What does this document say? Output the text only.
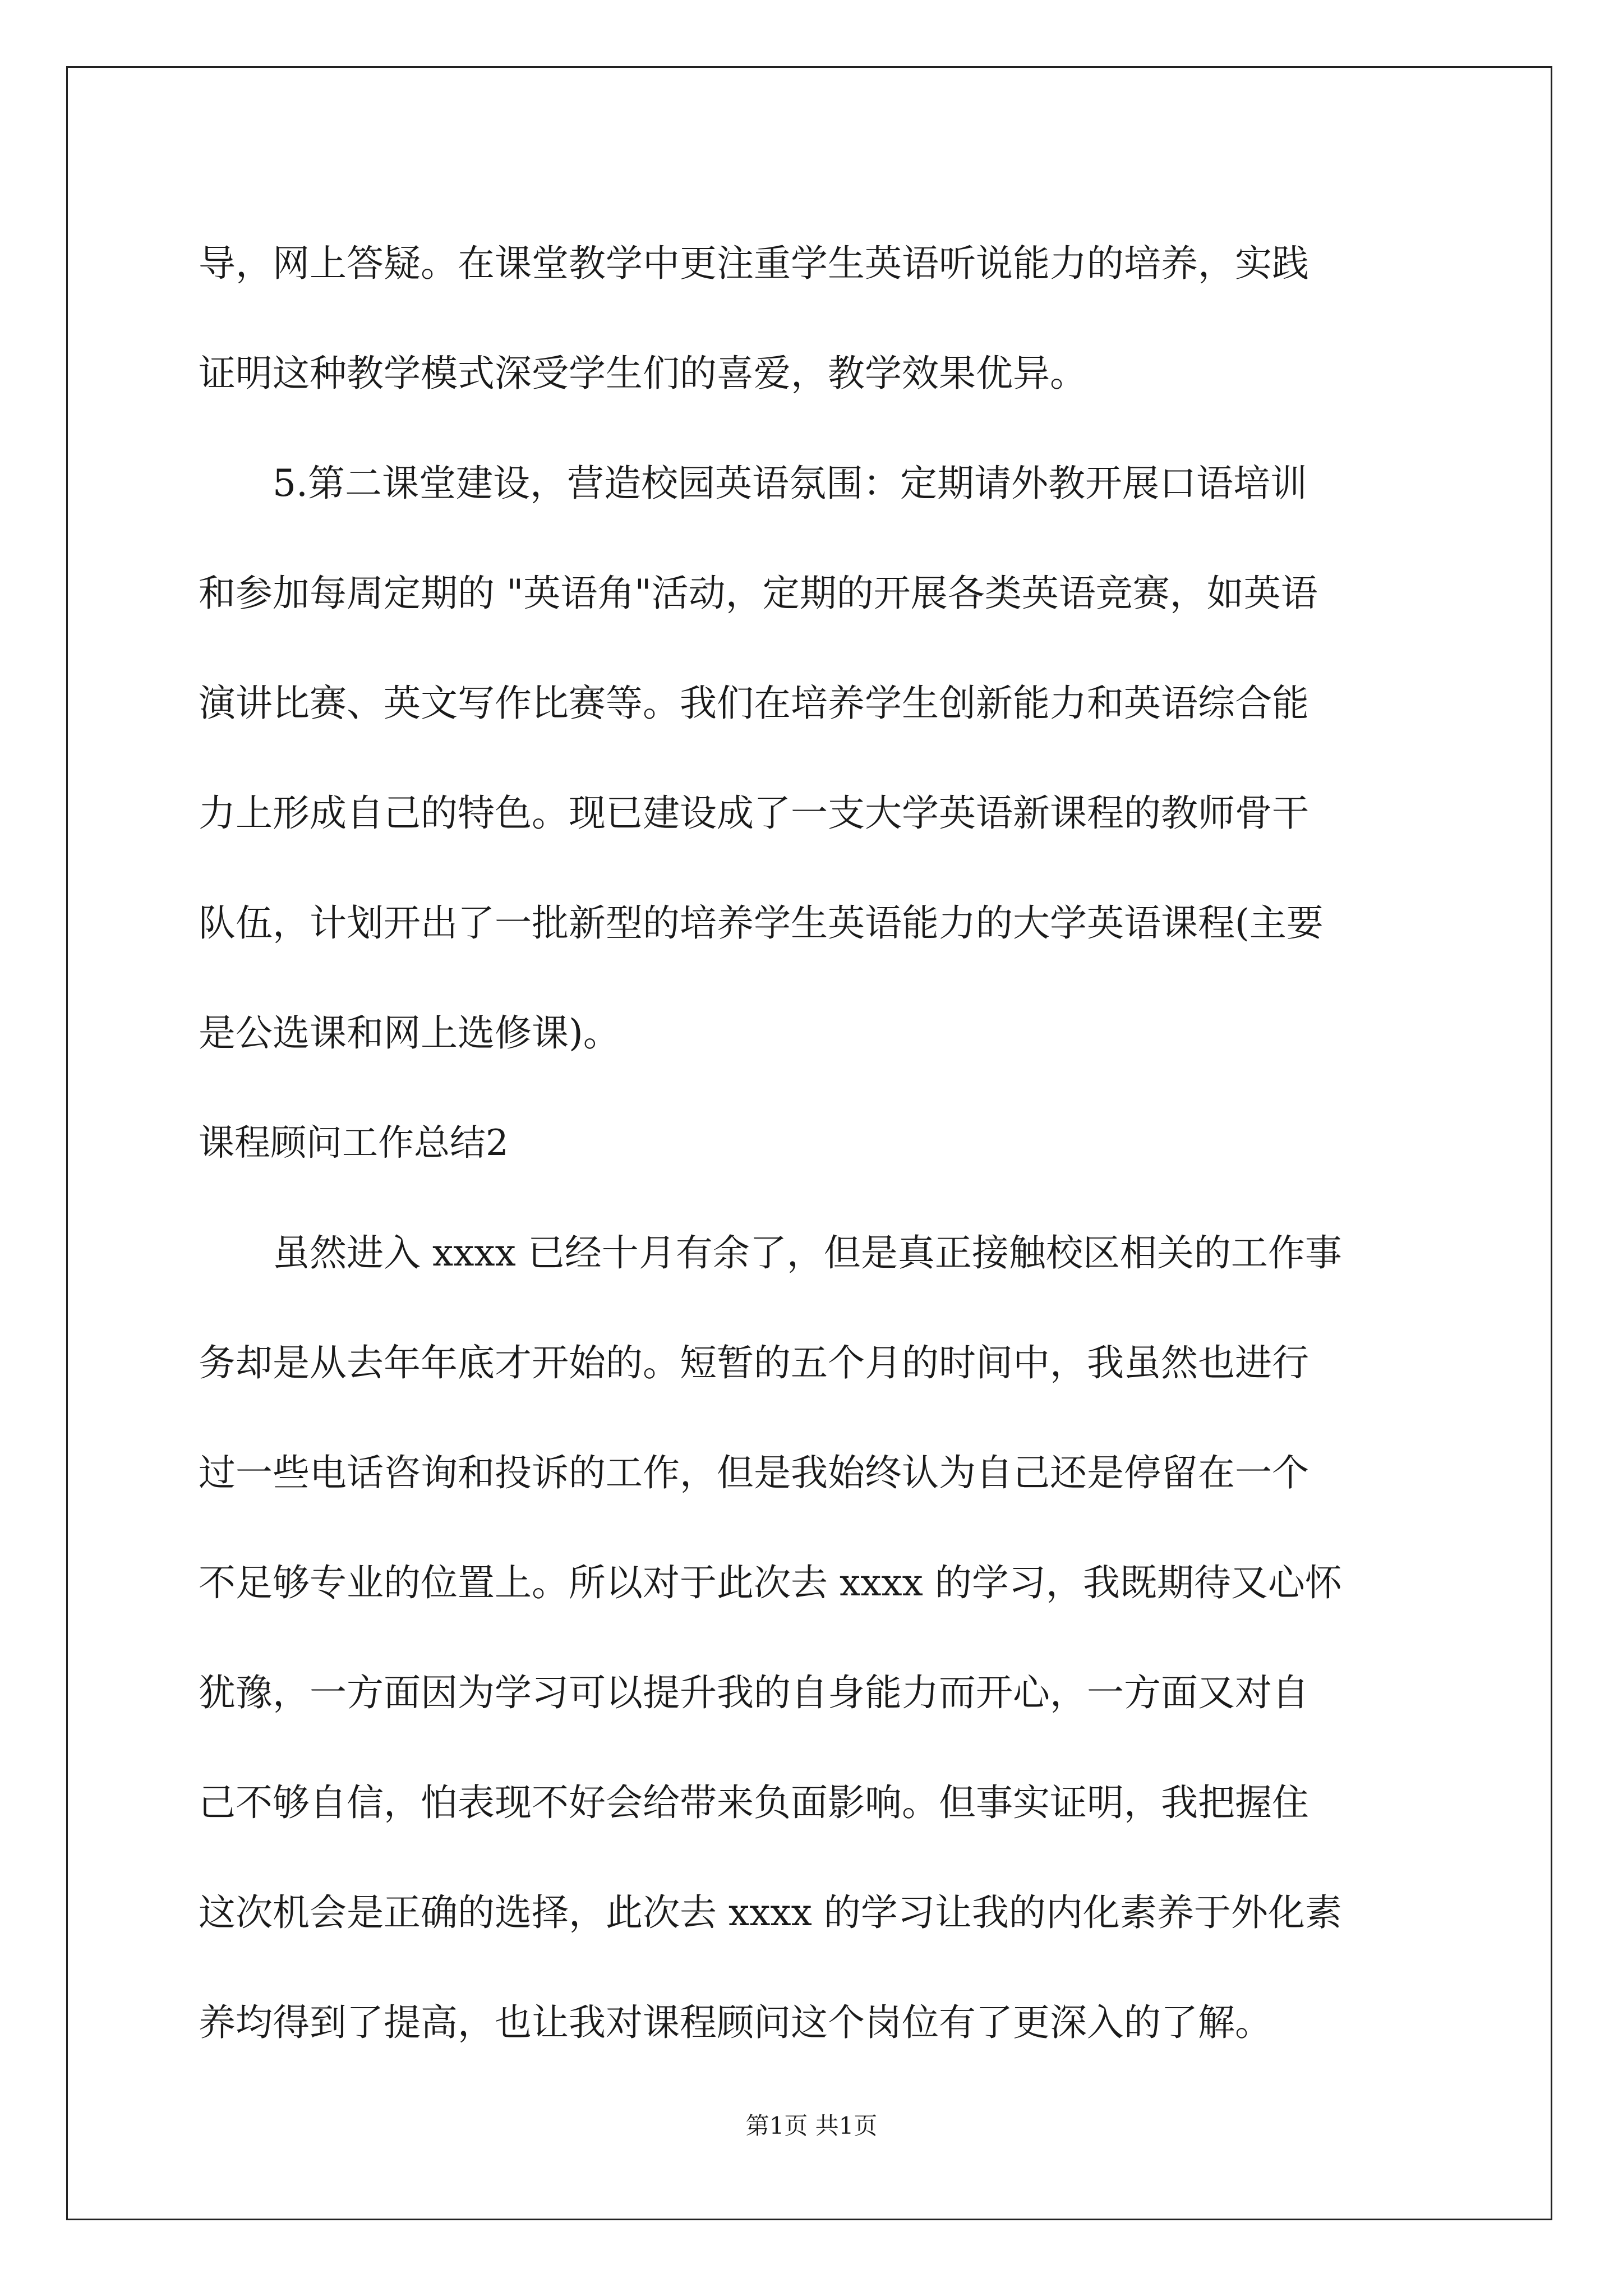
导，网上答疑。在课堂教学中更注重学生英语听说能力的培养，实践
证明这种教学模式深受学生们的喜爱，教学效果优异。
5.第二课堂建设，营造校园英语氛围：定期请外教开展口语培训
和参加每周定期的 "英语角"活动，定期的开展各类英语竞赛，如英语
演讲比赛、英文写作比赛等。我们在培养学生创新能力和英语综合能
力上形成自己的特色。现已建设成了一支大学英语新课程的教师骨干
队伍，计划开出了一批新型的培养学生英语能力的大学英语课程(主要
是公选课和网上选修课)。
课程顾问工作总结2
虽然进入 xxxx 已经十月有余了，但是真正接触校区相关的工作事
务却是从去年年底才开始的。短暂的五个月的时间中，我虽然也进行
过一些电话咨询和投诉的工作，但是我始终认为自己还是停留在一个
不足够专业的位置上。所以对于此次去 xxxx 的学习，我既期待又心怀
犹豫，一方面因为学习可以提升我的自身能力而开心，一方面又对自
己不够自信，怕表现不好会给带来负面影响。但事实证明，我把握住
这次机会是正确的选择，此次去 xxxx 的学习让我的内化素养于外化素
养均得到了提高，也让我对课程顾问这个岗位有了更深入的了解。
第1页 共1页
